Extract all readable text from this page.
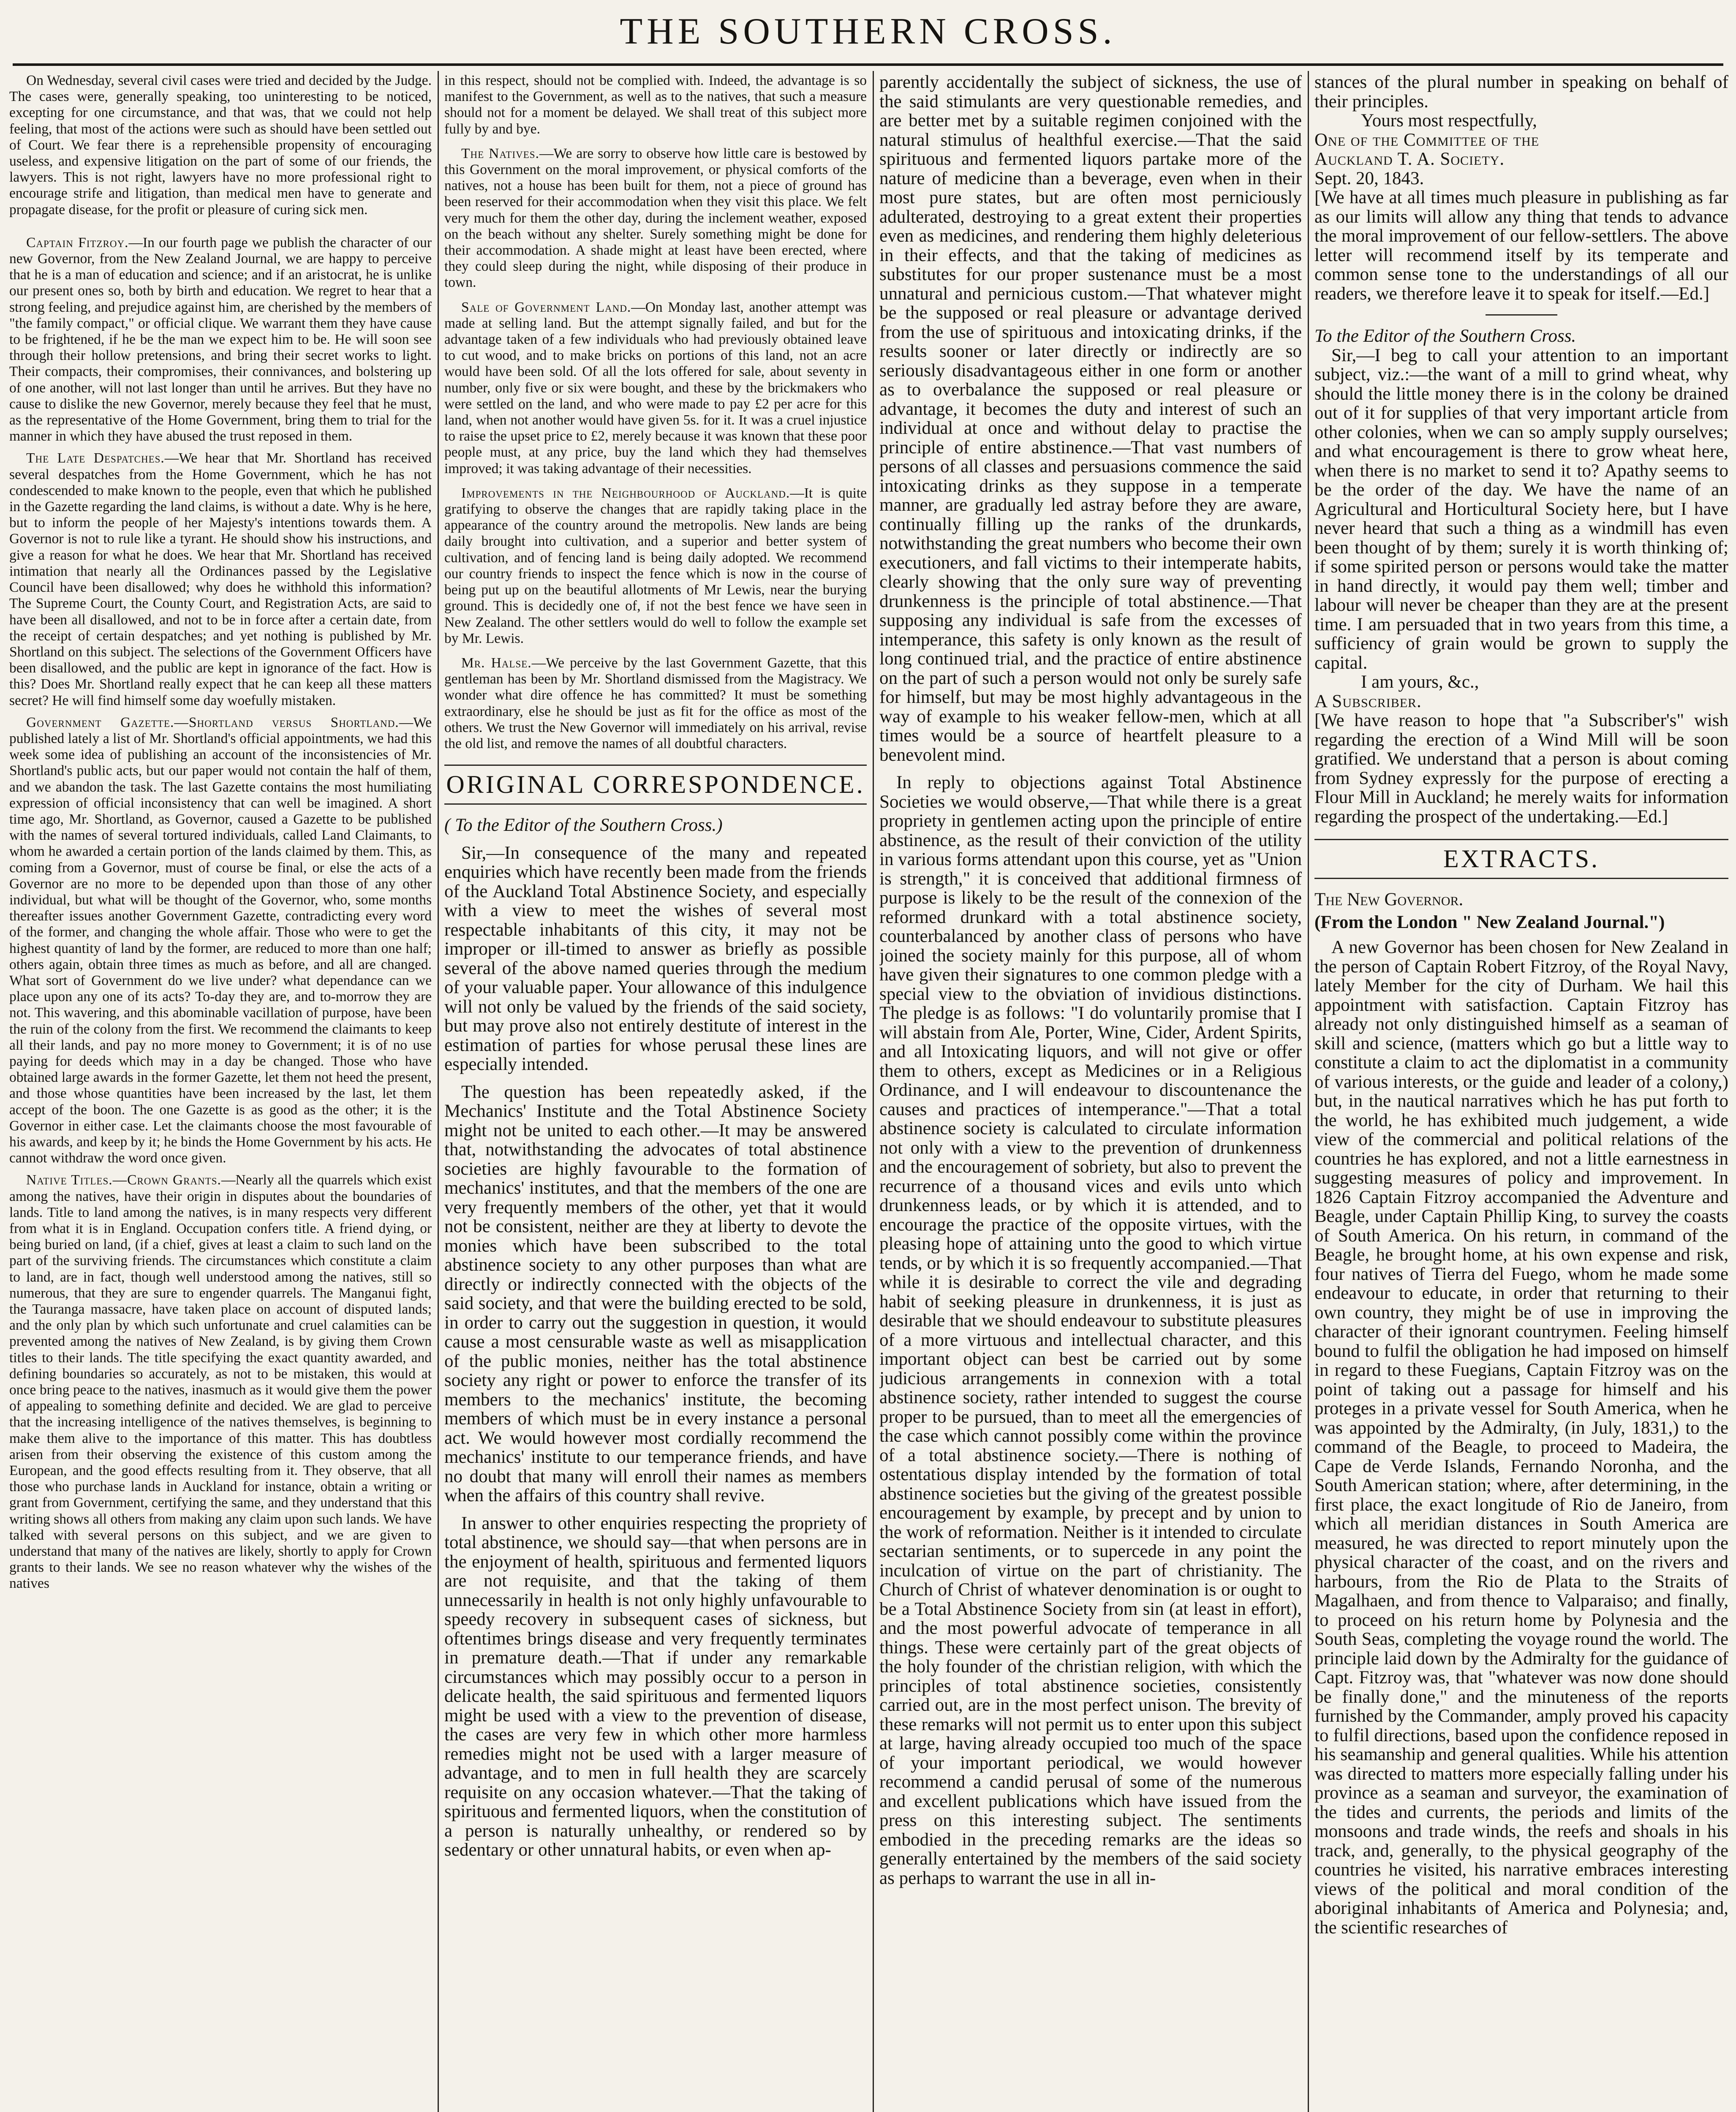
THE SOUTHERN CROSS.

On Wednesday, several civil cases were tried and decided by the Judge. The cases were, generally speaking, too uninteresting to be noticed, excepting for one circumstance, and that was, that we could not help feeling, that most of the actions were such as should have been settled out of Court. We fear there is a reprehensible propensity of encouraging useless, and expensive litigation on the part of some of our friends, the lawyers. This is not right, lawyers have no more professional right to encourage strife and litigation, than medical men have to generate and propagate disease, for the profit or pleasure of curing sick men.

Captain Fitzroy.—In our fourth page we publish the character of our new Governor, from the New Zealand Journal, we are happy to perceive that he is a man of education and science; and if an aristocrat, he is unlike our present ones so, both by birth and education. We regret to hear that a strong feeling, and prejudice against him, are cherished by the members of "the family compact," or official clique. We warrant them they have cause to be frightened, if he be the man we expect him to be. He will soon see through their hollow pretensions, and bring their secret works to light. Their compacts, their compromises, their connivances, and bolstering up of one another, will not last longer than until he arrives. But they have no cause to dislike the new Governor, merely because they feel that he must, as the representative of the Home Government, bring them to trial for the manner in which they have abused the trust reposed in them.

The Late Despatches.—We hear that Mr. Shortland has received several despatches from the Home Government, which he has not condescended to make known to the people, even that which he published in the Gazette regarding the land claims, is without a date. Why is he here, but to inform the people of her Majesty's intentions towards them. A Governor is not to rule like a tyrant. He should show his instructions, and give a reason for what he does. We hear that Mr. Shortland has received intimation that nearly all the Ordinances passed by the Legislative Council have been disallowed; why does he withhold this information? The Supreme Court, the County Court, and Registration Acts, are said to have been all disallowed, and not to be in force after a certain date, from the receipt of certain despatches; and yet nothing is published by Mr. Shortland on this subject. The selections of the Government Officers have been disallowed, and the public are kept in ignorance of the fact. How is this? Does Mr. Shortland really expect that he can keep all these matters secret? He will find himself some day woefully mistaken.

Government Gazette.—Shortland versus Shortland.—We published lately a list of Mr. Shortland's official appointments, we had this week some idea of publishing an account of the inconsistencies of Mr. Shortland's public acts, but our paper would not contain the half of them, and we abandon the task. The last Gazette contains the most humiliating expression of official inconsistency that can well be imagined. A short time ago, Mr. Shortland, as Governor, caused a Gazette to be published with the names of several tortured individuals, called Land Claimants, to whom he awarded a certain portion of the lands claimed by them. This, as coming from a Governor, must of course be final, or else the acts of a Governor are no more to be depended upon than those of any other individual, but what will be thought of the Governor, who, some months thereafter issues another Government Gazette, contradicting every word of the former, and changing the whole affair. Those who were to get the highest quantity of land by the former, are reduced to more than one half; others again, obtain three times as much as before, and all are changed. What sort of Government do we live under? what dependance can we place upon any one of its acts? To-day they are, and to-morrow they are not. This wavering, and this abominable vacillation of purpose, have been the ruin of the colony from the first. We recommend the claimants to keep all their lands, and pay no more money to Government; it is of no use paying for deeds which may in a day be changed. Those who have obtained large awards in the former Gazette, let them not heed the present, and those whose quantities have been increased by the last, let them accept of the boon. The one Gazette is as good as the other; it is the Governor in either case. Let the claimants choose the most favourable of his awards, and keep by it; he binds the Home Government by his acts. He cannot withdraw the word once given.

Native Titles.—Crown Grants.—Nearly all the quarrels which exist among the natives, have their origin in disputes about the boundaries of lands. Title to land among the natives, is in many respects very different from what it is in England. Occupation confers title. A friend dying, or being buried on land, (if a chief, gives at least a claim to such land on the part of the surviving friends. The circumstances which constitute a claim to land, are in fact, though well understood among the natives, still so numerous, that they are sure to engender quarrels. The Manganui fight, the Tauranga massacre, have taken place on account of disputed lands; and the only plan by which such unfortunate and cruel calamities can be prevented among the natives of New Zealand, is by giving them Crown titles to their lands. The title specifying the exact quantity awarded, and defining boundaries so accurately, as not to be mistaken, this would at once bring peace to the natives, inasmuch as it would give them the power of appealing to something definite and decided. We are glad to perceive that the increasing intelligence of the natives themselves, is beginning to make them alive to the importance of this matter. This has doubtless arisen from their observing the existence of this custom among the European, and the good effects resulting from it. They observe, that all those who purchase lands in Auckland for instance, obtain a writing or grant from Government, certifying the same, and they understand that this writing shows all others from making any claim upon such lands. We have talked with several persons on this subject, and we are given to understand that many of the natives are likely, shortly to apply for Crown grants to their lands. We see no reason whatever why the wishes of the natives

in this respect, should not be complied with. Indeed, the advantage is so manifest to the Government, as well as to the natives, that such a measure should not for a moment be delayed. We shall treat of this subject more fully by and bye.

The Natives.—We are sorry to observe how little care is bestowed by this Government on the moral improvement, or physical comforts of the natives, not a house has been built for them, not a piece of ground has been reserved for their accommodation when they visit this place. We felt very much for them the other day, during the inclement weather, exposed on the beach without any shelter. Surely something might be done for their accommodation. A shade might at least have been erected, where they could sleep during the night, while disposing of their produce in town.

Sale of Government Land.—On Monday last, another attempt was made at selling land. But the attempt signally failed, and but for the advantage taken of a few individuals who had previously obtained leave to cut wood, and to make bricks on portions of this land, not an acre would have been sold. Of all the lots offered for sale, about seventy in number, only five or six were bought, and these by the brickmakers who were settled on the land, and who were made to pay £2 per acre for this land, when not another would have given 5s. for it. It was a cruel injustice to raise the upset price to £2, merely because it was known that these poor people must, at any price, buy the land which they had themselves improved; it was taking advantage of their necessities.

Improvements in the Neighbourhood of Auckland.—It is quite gratifying to observe the changes that are rapidly taking place in the appearance of the country around the metropolis. New lands are being daily brought into cultivation, and a superior and better system of cultivation, and of fencing land is being daily adopted. We recommend our country friends to inspect the fence which is now in the course of being put up on the beautiful allotments of Mr Lewis, near the burying ground. This is decidedly one of, if not the best fence we have seen in New Zealand. The other settlers would do well to follow the example set by Mr. Lewis.

Mr. Halse.—We perceive by the last Government Gazette, that this gentleman has been by Mr. Shortland dismissed from the Magistracy. We wonder what dire offence he has committed? It must be something extraordinary, else he should be just as fit for the office as most of the others. We trust the New Governor will immediately on his arrival, revise the old list, and remove the names of all doubtful characters.

ORIGINAL CORRESPONDENCE.

( To the Editor of the Southern Cross.)

Sir,—In consequence of the many and repeated enquiries which have recently been made from the friends of the Auckland Total Abstinence Society, and especially with a view to meet the wishes of several most respectable inhabitants of this city, it may not be improper or ill-timed to answer as briefly as possible several of the above named queries through the medium of your valuable paper. Your allowance of this indulgence will not only be valued by the friends of the said society, but may prove also not entirely destitute of interest in the estimation of parties for whose perusal these lines are especially intended.

The question has been repeatedly asked, if the Mechanics' Institute and the Total Abstinence Society might not be united to each other.—It may be answered that, notwithstanding the advocates of total abstinence societies are highly favourable to the formation of mechanics' institutes, and that the members of the one are very frequently members of the other, yet that it would not be consistent, neither are they at liberty to devote the monies which have been subscribed to the total abstinence society to any other purposes than what are directly or indirectly connected with the objects of the said society, and that were the building erected to be sold, in order to carry out the suggestion in question, it would cause a most censurable waste as well as misapplication of the public monies, neither has the total abstinence society any right or power to enforce the transfer of its members to the mechanics' institute, the becoming members of which must be in every instance a personal act. We would however most cordially recommend the mechanics' institute to our temperance friends, and have no doubt that many will enroll their names as members when the affairs of this country shall revive.

In answer to other enquiries respecting the propriety of total abstinence, we should say—that when persons are in the enjoyment of health, spirituous and fermented liquors are not requisite, and that the taking of them unnecessarily in health is not only highly unfavourable to speedy recovery in subsequent cases of sickness, but oftentimes brings disease and very frequently terminates in premature death.—That if under any remarkable circumstances which may possibly occur to a person in delicate health, the said spirituous and fermented liquors might be used with a view to the prevention of disease, the cases are very few in which other more harmless remedies might not be used with a larger measure of advantage, and to men in full health they are scarcely requisite on any occasion whatever.—That the taking of spirituous and fermented liquors, when the constitution of a person is naturally unhealthy, or rendered so by sedentary or other unnatural habits, or even when ap-

parently accidentally the subject of sickness, the use of the said stimulants are very questionable remedies, and are better met by a suitable regimen conjoined with the natural stimulus of healthful exercise.—That the said spirituous and fermented liquors partake more of the nature of medicine than a beverage, even when in their most pure states, but are often most perniciously adulterated, destroying to a great extent their properties even as medicines, and rendering them highly deleterious in their effects, and that the taking of medicines as substitutes for our proper sustenance must be a most unnatural and pernicious custom.—That whatever might be the supposed or real pleasure or advantage derived from the use of spirituous and intoxicating drinks, if the results sooner or later directly or indirectly are so seriously disadvantageous either in one form or another as to overbalance the supposed or real pleasure or advantage, it becomes the duty and interest of such an individual at once and without delay to practise the principle of entire abstinence.—That vast numbers of persons of all classes and persuasions commence the said intoxicating drinks as they suppose in a temperate manner, are gradually led astray before they are aware, continually filling up the ranks of the drunkards, notwithstanding the great numbers who become their own executioners, and fall victims to their intemperate habits, clearly showing that the only sure way of preventing drunkenness is the principle of total abstinence.—That supposing any individual is safe from the excesses of intemperance, this safety is only known as the result of long continued trial, and the practice of entire abstinence on the part of such a person would not only be surely safe for himself, but may be most highly advantageous in the way of example to his weaker fellow-men, which at all times would be a source of heartfelt pleasure to a benevolent mind.

In reply to objections against Total Abstinence Societies we would observe,—That while there is a great propriety in gentlemen acting upon the principle of entire abstinence, as the result of their conviction of the utility in various forms attendant upon this course, yet as "Union is strength," it is conceived that additional firmness of purpose is likely to be the result of the connexion of the reformed drunkard with a total abstinence society, counterbalanced by another class of persons who have joined the society mainly for this purpose, all of whom have given their signatures to one common pledge with a special view to the obviation of invidious distinctions. The pledge is as follows: "I do voluntarily promise that I will abstain from Ale, Porter, Wine, Cider, Ardent Spirits, and all Intoxicating liquors, and will not give or offer them to others, except as Medicines or in a Religious Ordinance, and I will endeavour to discountenance the causes and practices of intemperance."—That a total abstinence society is calculated to circulate information not only with a view to the prevention of drunkenness and the encouragement of sobriety, but also to prevent the recurrence of a thousand vices and evils unto which drunkenness leads, or by which it is attended, and to encourage the practice of the opposite virtues, with the pleasing hope of attaining unto the good to which virtue tends, or by which it is so frequently accompanied.—That while it is desirable to correct the vile and degrading habit of seeking pleasure in drunkenness, it is just as desirable that we should endeavour to substitute pleasures of a more virtuous and intellectual character, and this important object can best be carried out by some judicious arrangements in connexion with a total abstinence society, rather intended to suggest the course proper to be pursued, than to meet all the emergencies of the case which cannot possibly come within the province of a total abstinence society.—There is nothing of ostentatious display intended by the formation of total abstinence societies but the giving of the greatest possible encouragement by example, by precept and by union to the work of reformation. Neither is it intended to circulate sectarian sentiments, or to supercede in any point the inculcation of virtue on the part of christianity. The Church of Christ of whatever denomination is or ought to be a Total Abstinence Society from sin (at least in effort), and the most powerful advocate of temperance in all things. These were certainly part of the great objects of the holy founder of the christian religion, with which the principles of total abstinence societies, consistently carried out, are in the most perfect unison. The brevity of these remarks will not permit us to enter upon this subject at large, having already occupied too much of the space of your important periodical, we would however recommend a candid perusal of some of the numerous and excellent publications which have issued from the press on this interesting subject. The sentiments embodied in the preceding remarks are the ideas so generally entertained by the members of the said society as perhaps to warrant the use in all in-

stances of the plural number in speaking on behalf of their principles.

Yours most respectfully,

One of the Committee of the

Auckland T. A. Society.

Sept. 20, 1843.

[We have at all times much pleasure in publishing as far as our limits will allow any thing that tends to advance the moral improvement of our fellow-settlers. The above letter will recommend itself by its temperate and common sense tone to the understandings of all our readers, we therefore leave it to speak for itself.—Ed.]

To the Editor of the Southern Cross.

Sir,—I beg to call your attention to an important subject, viz.:—the want of a mill to grind wheat, why should the little money there is in the colony be drained out of it for supplies of that very important article from other colonies, when we can so amply supply ourselves; and what encouragement is there to grow wheat here, when there is no market to send it to? Apathy seems to be the order of the day. We have the name of an Agricultural and Horticultural Society here, but I have never heard that such a thing as a windmill has even been thought of by them; surely it is worth thinking of; if some spirited person or persons would take the matter in hand directly, it would pay them well; timber and labour will never be cheaper than they are at the present time. I am persuaded that in two years from this time, a sufficiency of grain would be grown to supply the capital.

I am yours, &c.,

A Subscriber.

[We have reason to hope that "a Subscriber's" wish regarding the erection of a Wind Mill will be soon gratified. We understand that a person is about coming from Sydney expressly for the purpose of erecting a Flour Mill in Auckland; he merely waits for information regarding the prospect of the undertaking.—Ed.]

EXTRACTS.

The New Governor.

(From the London " New Zealand Journal.")

A new Governor has been chosen for New Zealand in the person of Captain Robert Fitzroy, of the Royal Navy, lately Member for the city of Durham. We hail this appointment with satisfaction. Captain Fitzroy has already not only distinguished himself as a seaman of skill and science, (matters which go but a little way to constitute a claim to act the diplomatist in a community of various interests, or the guide and leader of a colony,) but, in the nautical narratives which he has put forth to the world, he has exhibited much judgement, a wide view of the commercial and political relations of the countries he has explored, and not a little earnestness in suggesting measures of policy and improvement. In 1826 Captain Fitzroy accompanied the Adventure and Beagle, under Captain Phillip King, to survey the coasts of South America. On his return, in command of the Beagle, he brought home, at his own expense and risk, four natives of Tierra del Fuego, whom he made some endeavour to educate, in order that returning to their own country, they might be of use in improving the character of their ignorant countrymen. Feeling himself bound to fulfil the obligation he had imposed on himself in regard to these Fuegians, Captain Fitzroy was on the point of taking out a passage for himself and his proteges in a private vessel for South America, when he was appointed by the Admiralty, (in July, 1831,) to the command of the Beagle, to proceed to Madeira, the Cape de Verde Islands, Fernando Noronha, and the South American station; where, after determining, in the first place, the exact longitude of Rio de Janeiro, from which all meridian distances in South America are measured, he was directed to report minutely upon the physical character of the coast, and on the rivers and harbours, from the Rio de Plata to the Straits of Magalhaen, and from thence to Valparaiso; and finally, to proceed on his return home by Polynesia and the South Seas, completing the voyage round the world. The principle laid down by the Admiralty for the guidance of Capt. Fitzroy was, that "whatever was now done should be finally done," and the minuteness of the reports furnished by the Commander, amply proved his capacity to fulfil directions, based upon the confidence reposed in his seamanship and general qualities. While his attention was directed to matters more especially falling under his province as a seaman and surveyor, the examination of the tides and currents, the periods and limits of the monsoons and trade winds, the reefs and shoals in his track, and, generally, to the physical geography of the countries he visited, his narrative embraces interesting views of the political and moral condition of the aboriginal inhabitants of America and Polynesia; and, the scientific researches of
